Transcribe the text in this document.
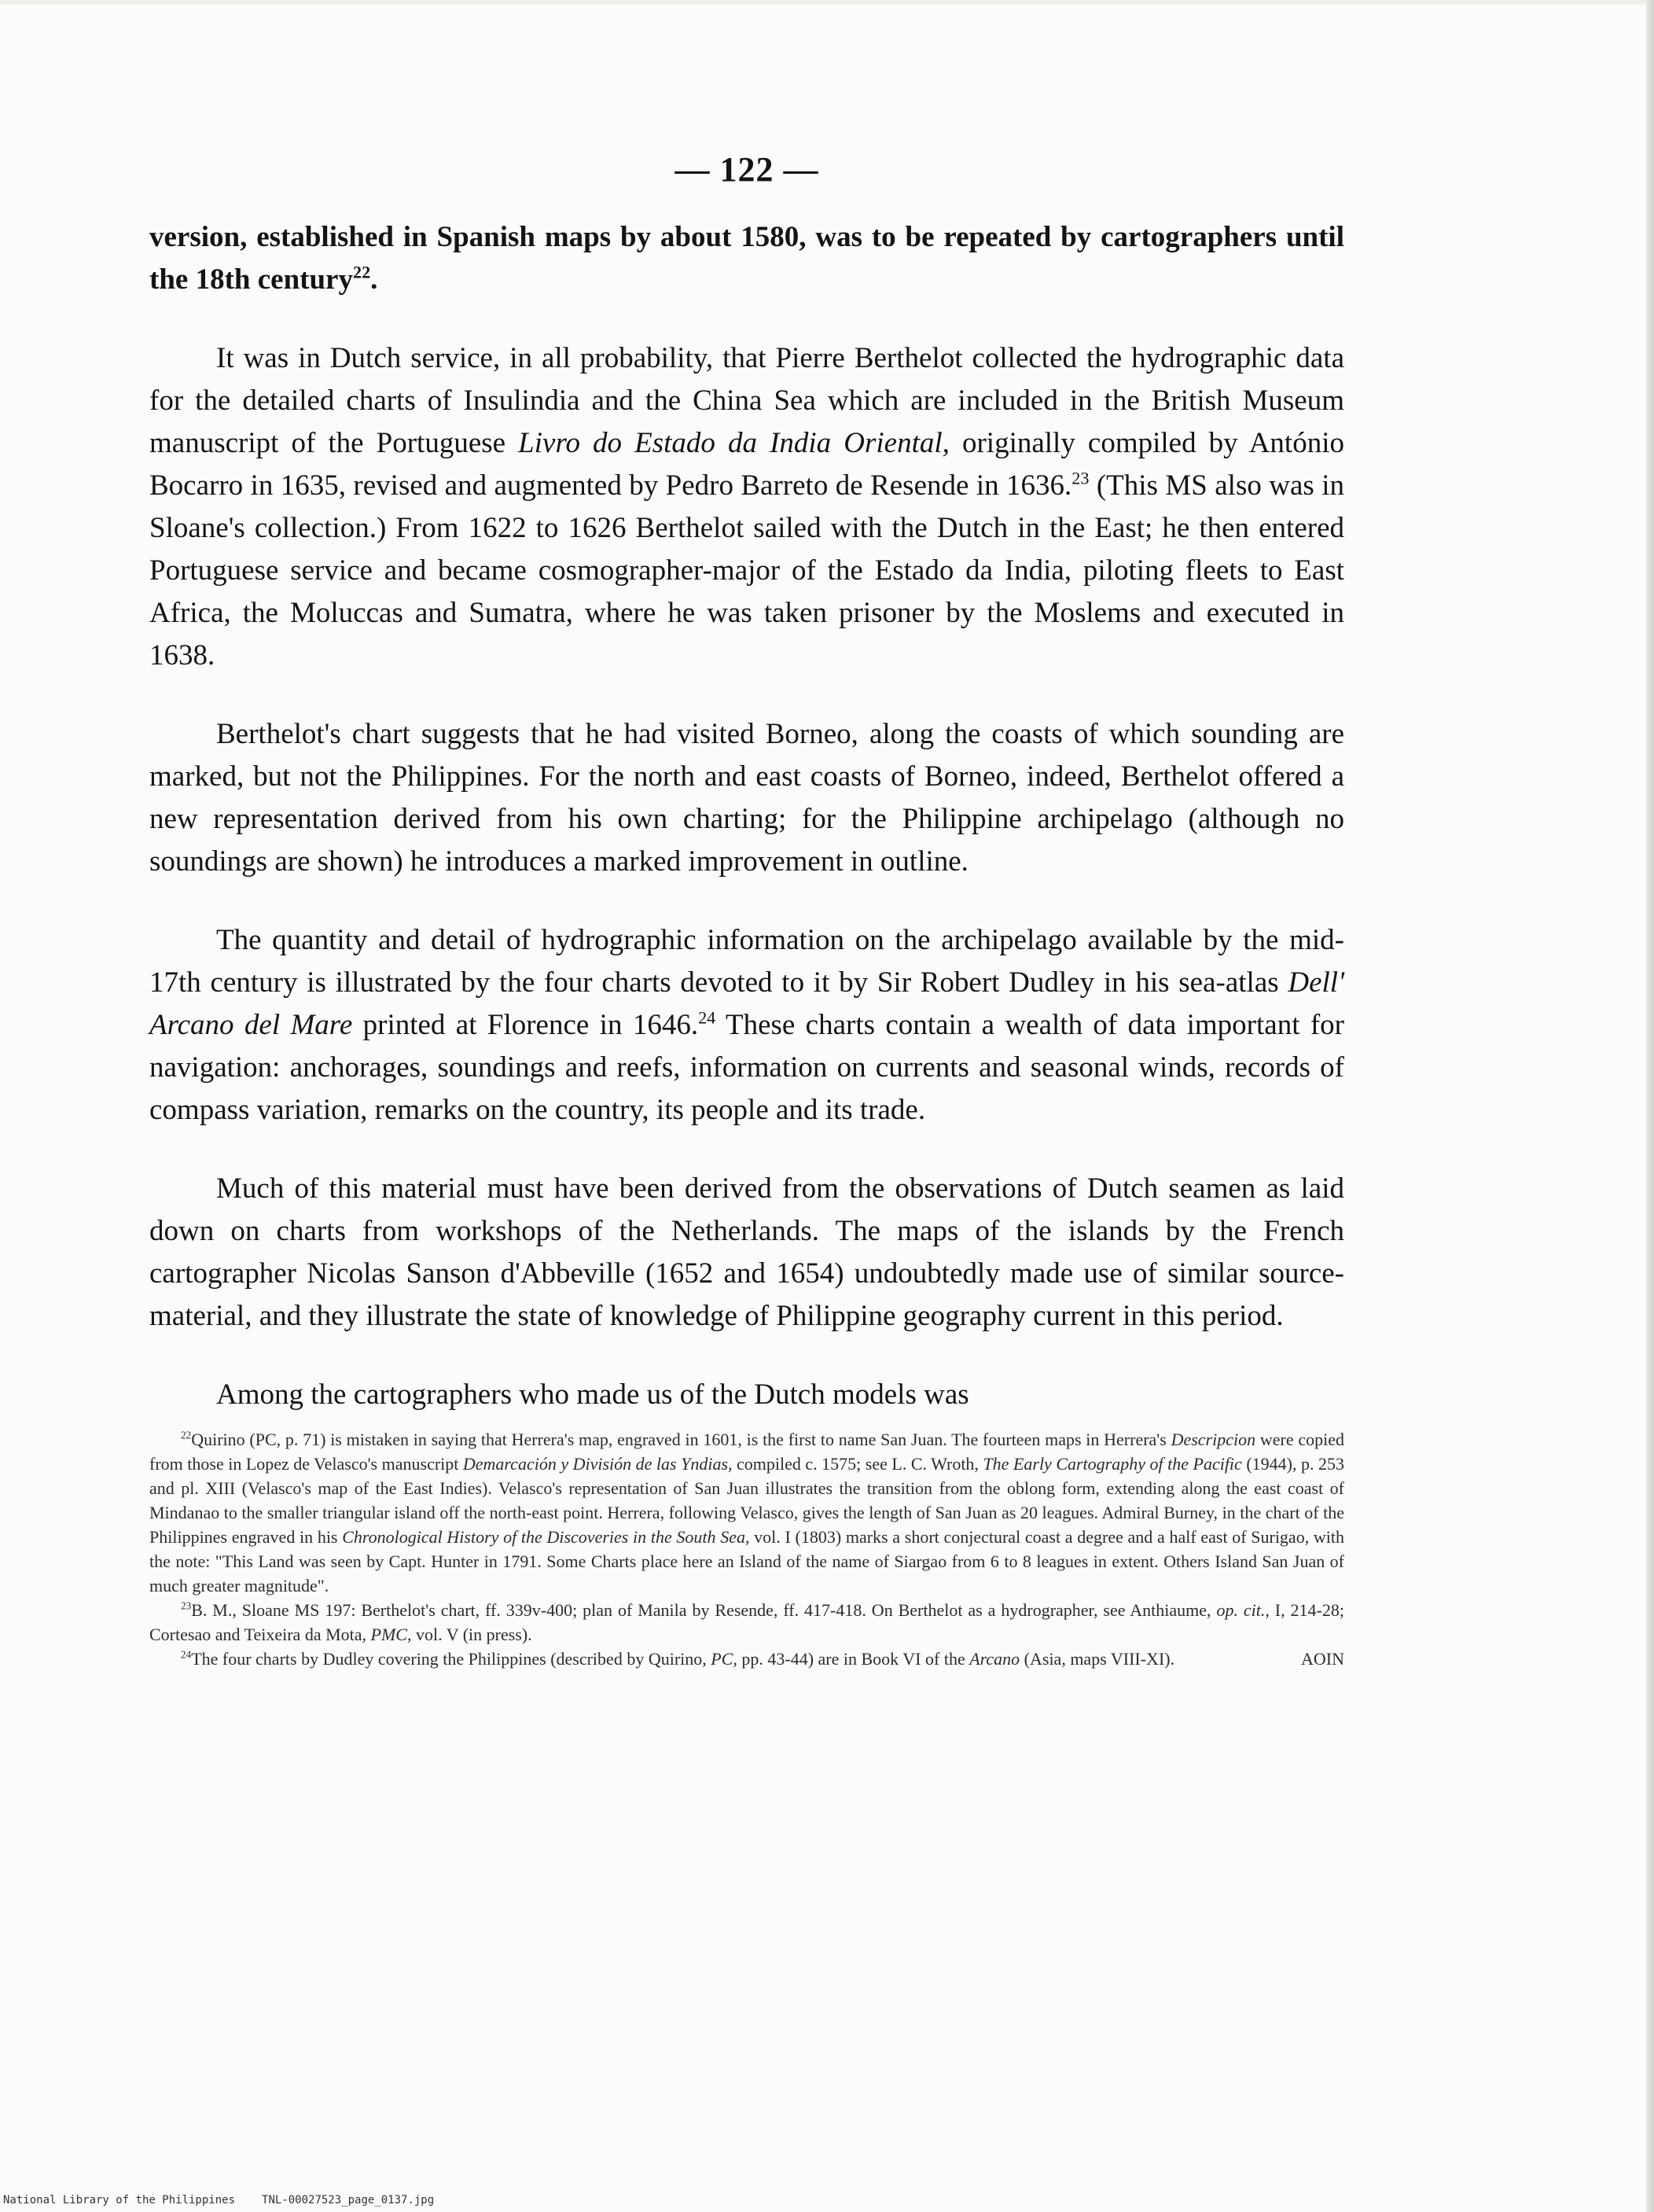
— 122 —

version, established in Spanish maps by about 1580, was to be repeated by cartographers until the 18th century$^{22}$.

It was in Dutch service, in all probability, that Pierre Berthelot collected the hydrographic data for the detailed charts of Insulindia and the China Sea which are included in the British Museum manuscript of the Portuguese Livro do Estado da India Oriental, originally compiled by António Bocarro in 1635, revised and augmented by Pedro Barreto de Resende in 1636.23 (This MS also was in Sloane's collection.) From 1622 to 1626 Berthelot sailed with the Dutch in the East; he then entered Portuguese service and became cosmographer-major of the Estado da India, piloting fleets to East Africa, the Moluccas and Sumatra, where he was taken prisoner by the Moslems and executed in 1638.

Berthelot's chart suggests that he had visited Borneo, along the coasts of which sounding are marked, but not the Philippines. For the north and east coasts of Borneo, indeed, Berthelot offered a new representation derived from his own charting; for the Philippine archipelago (although no soundings are shown) he introduces a marked improvement in outline.

The quantity and detail of hydrographic information on the archipelago available by the mid-17th century is illustrated by the four charts devoted to it by Sir Robert Dudley in his sea-atlas Dell' Arcano del Mare printed at Florence in 1646.24 These charts contain a wealth of data important for navigation: anchorages, soundings and reefs, information on currents and seasonal winds, records of compass variation, remarks on the country, its people and its trade.

Much of this material must have been derived from the observations of Dutch seamen as laid down on charts from workshops of the Netherlands. The maps of the islands by the French cartographer Nicolas Sanson d'Abbeville (1652 and 1654) undoubtedly made use of similar source-material, and they illustrate the state of knowledge of Philippine geography current in this period.

Among the cartographers who made us of the Dutch models was

$^{22}$Quirino (PC, p. 71) is mistaken in saying that Herrera's map, engraved in 1601, is the first to name San Juan. The fourteen maps in Herrera's Descripcion were copied from those in Lopez de Velasco's manuscript Demarcación y División de las Yndias, compiled c. 1575; see L. C. Wroth, The Early Cartography of the Pacific (1944), p. 253 and pl. XIII (Velasco's map of the East Indies). Velasco's representation of San Juan illustrates the transition from the oblong form, extending along the east coast of Mindanao to the smaller triangular island off the north-east point. Herrera, following Velasco, gives the length of San Juan as 20 leagues. Admiral Burney, in the chart of the Philippines engraved in his Chronological History of the Discoveries in the South Sea, vol. I (1803) marks a short conjectural coast a degree and a half east of Surigao, with the note: "This Land was seen by Capt. Hunter in 1791. Some Charts place here an Island of the name of Siargao from 6 to 8 leagues in extent. Others Island San Juan of much greater magnitude".

$^{23}$B. M., Sloane MS 197: Berthelot's chart, ff. 339v-400; plan of Manila by Resende, ff. 417-418. On Berthelot as a hydrographer, see Anthiaume, op. cit., I, 214-28; Cortesao and Teixeira da Mota, PMC, vol. V (in press).

$^{24}$The four charts by Dudley covering the Philippines (described by Quirino, PC, pp. 43-44) are in Book VI of the Arcano (Asia, maps VIII-XI).	AOIN

National Library of the Philippines TNL-00027523_page_0137.jpg
